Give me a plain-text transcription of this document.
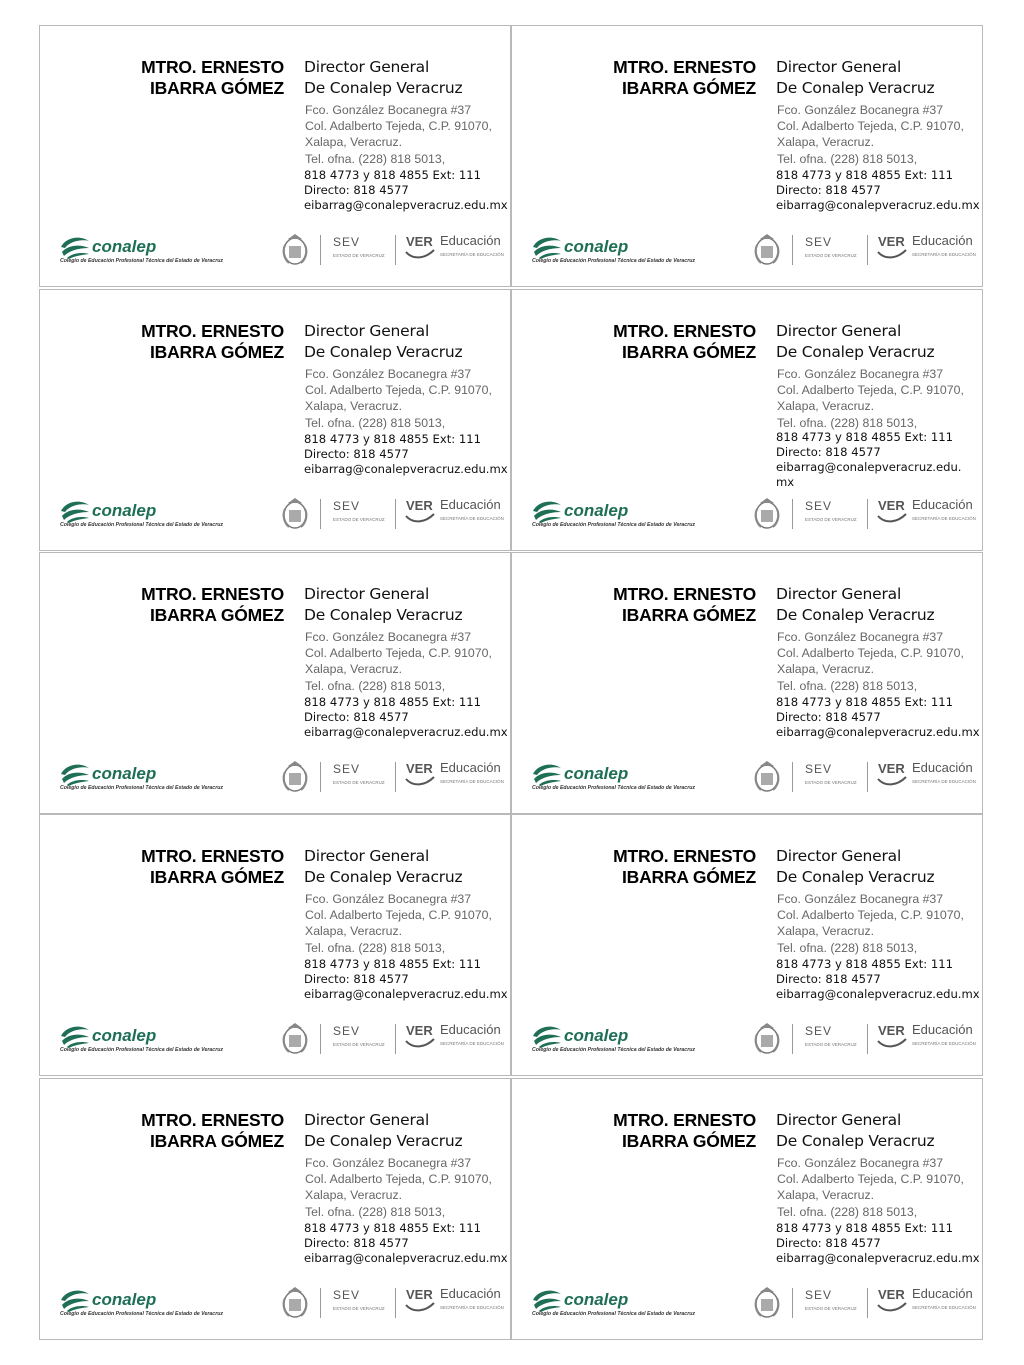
MTRO. ERNESTO
IBARRA GÓMEZ
Director General
De Conalep Veracruz
Fco. González Bocanegra #37
Col. Adalberto Tejeda, C.P. 91070,
Xalapa, Veracruz.
Tel. ofna. (228) 818 5013,
818 4773 y 818 4855 Ext: 111
Directo: 818 4577
eibarrag@conalepveracruz.edu.mx
conalep
Colegio de Educación Profesional Técnica del Estado de Veracruz
SEV
ESTADO DE VERACRUZ
VER Educación
SECRETARÍA DE EDUCACIÓN
MTRO. ERNESTO
IBARRA GÓMEZ
Director General
De Conalep Veracruz
Fco. González Bocanegra #37
Col. Adalberto Tejeda, C.P. 91070,
Xalapa, Veracruz.
Tel. ofna. (228) 818 5013,
818 4773 y 818 4855 Ext: 111
Directo: 818 4577
eibarrag@conalepveracruz.edu.mx
conalep
Colegio de Educación Profesional Técnica del Estado de Veracruz
SEV
ESTADO DE VERACRUZ
VER Educación
SECRETARÍA DE EDUCACIÓN
MTRO. ERNESTO
IBARRA GÓMEZ
Director General
De Conalep Veracruz
Fco. González Bocanegra #37
Col. Adalberto Tejeda, C.P. 91070,
Xalapa, Veracruz.
Tel. ofna. (228) 818 5013,
818 4773 y 818 4855 Ext: 111
Directo: 818 4577
eibarrag@conalepveracruz.edu.mx
conalep
Colegio de Educación Profesional Técnica del Estado de Veracruz
SEV
ESTADO DE VERACRUZ
VER Educación
SECRETARÍA DE EDUCACIÓN
MTRO. ERNESTO
IBARRA GÓMEZ
Director General
De Conalep Veracruz
Fco. González Bocanegra #37
Col. Adalberto Tejeda, C.P. 91070,
Xalapa, Veracruz.
Tel. ofna. (228) 818 5013,
818 4773 y 818 4855 Ext: 111
Directo: 818 4577
eibarrag@conalepveracruz.edu.mx
conalep
Colegio de Educación Profesional Técnica del Estado de Veracruz
SEV
ESTADO DE VERACRUZ
VER Educación
SECRETARÍA DE EDUCACIÓN
MTRO. ERNESTO
IBARRA GÓMEZ
Director General
De Conalep Veracruz
Fco. González Bocanegra #37
Col. Adalberto Tejeda, C.P. 91070,
Xalapa, Veracruz.
Tel. ofna. (228) 818 5013,
818 4773 y 818 4855 Ext: 111
Directo: 818 4577
eibarrag@conalepveracruz.edu.mx
conalep
Colegio de Educación Profesional Técnica del Estado de Veracruz
SEV
ESTADO DE VERACRUZ
VER Educación
SECRETARÍA DE EDUCACIÓN
MTRO. ERNESTO
IBARRA GÓMEZ
Director General
De Conalep Veracruz
Fco. González Bocanegra #37
Col. Adalberto Tejeda, C.P. 91070,
Xalapa, Veracruz.
Tel. ofna. (228) 818 5013,
818 4773 y 818 4855 Ext: 111
Directo: 818 4577
eibarrag@conalepveracruz.edu.mx
conalep
Colegio de Educación Profesional Técnica del Estado de Veracruz
SEV
ESTADO DE VERACRUZ
VER Educación
SECRETARÍA DE EDUCACIÓN
MTRO. ERNESTO
IBARRA GÓMEZ
Director General
De Conalep Veracruz
Fco. González Bocanegra #37
Col. Adalberto Tejeda, C.P. 91070,
Xalapa, Veracruz.
Tel. ofna. (228) 818 5013,
818 4773 y 818 4855 Ext: 111
Directo: 818 4577
eibarrag@conalepveracruz.edu.mx
conalep
Colegio de Educación Profesional Técnica del Estado de Veracruz
SEV
ESTADO DE VERACRUZ
VER Educación
SECRETARÍA DE EDUCACIÓN
MTRO. ERNESTO
IBARRA GÓMEZ
Director General
De Conalep Veracruz
Fco. González Bocanegra #37
Col. Adalberto Tejeda, C.P. 91070,
Xalapa, Veracruz.
Tel. ofna. (228) 818 5013,
818 4773 y 818 4855 Ext: 111
Directo: 818 4577
eibarrag@conalepveracruz.edu.mx
conalep
Colegio de Educación Profesional Técnica del Estado de Veracruz
SEV
ESTADO DE VERACRUZ
VER Educación
SECRETARÍA DE EDUCACIÓN
MTRO. ERNESTO
IBARRA GÓMEZ
Director General
De Conalep Veracruz
Fco. González Bocanegra #37
Col. Adalberto Tejeda, C.P. 91070,
Xalapa, Veracruz.
Tel. ofna. (228) 818 5013,
818 4773 y 818 4855 Ext: 111
Directo: 818 4577
eibarrag@conalepveracruz.edu.mx
conalep
Colegio de Educación Profesional Técnica del Estado de Veracruz
SEV
ESTADO DE VERACRUZ
VER Educación
SECRETARÍA DE EDUCACIÓN
MTRO. ERNESTO
IBARRA GÓMEZ
Director General
De Conalep Veracruz
Fco. González Bocanegra #37
Col. Adalberto Tejeda, C.P. 91070,
Xalapa, Veracruz.
Tel. ofna. (228) 818 5013,
818 4773 y 818 4855 Ext: 111
Directo: 818 4577
eibarrag@conalepveracruz.edu.mx
conalep
Colegio de Educación Profesional Técnica del Estado de Veracruz
SEV
ESTADO DE VERACRUZ
VER Educación
SECRETARÍA DE EDUCACIÓN
